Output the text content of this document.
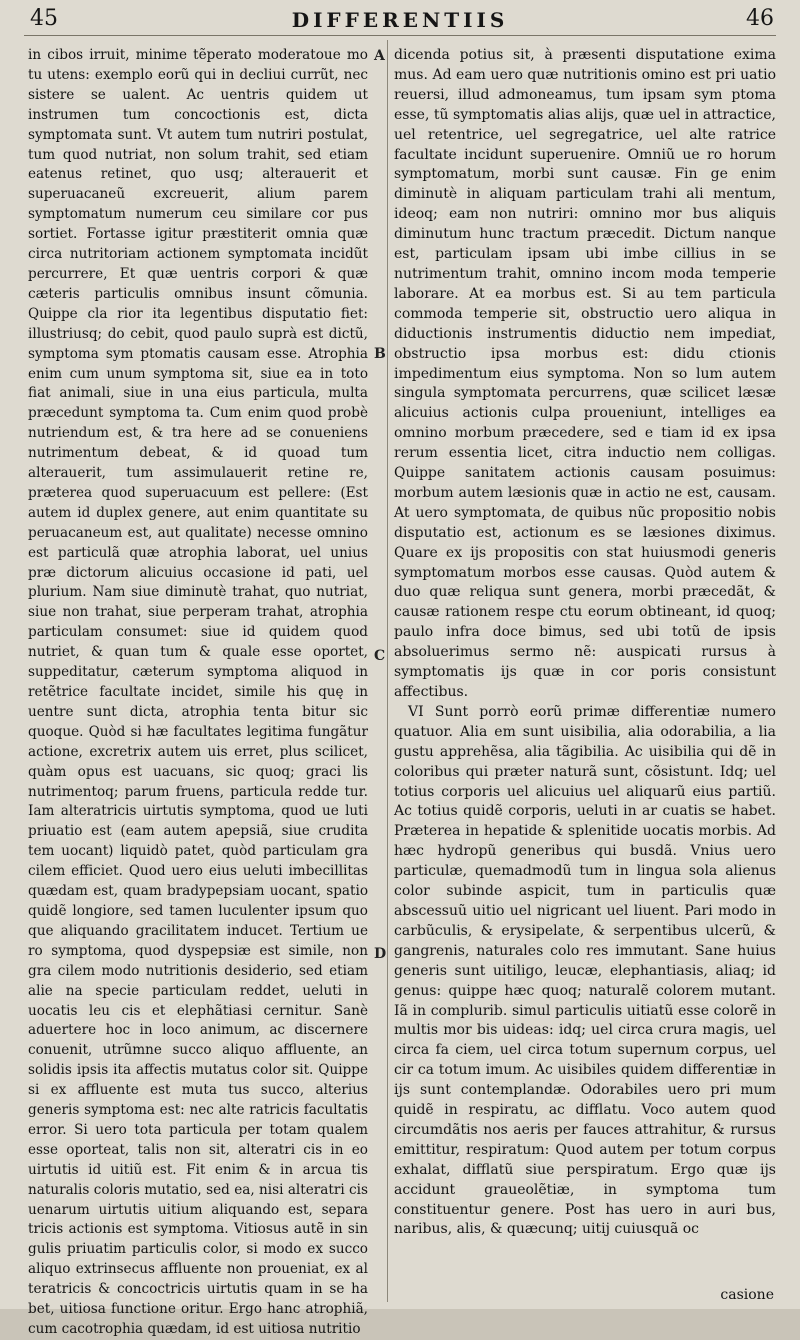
45	DIFFERENTIIS	46

in cibos irruit, minime tẽperato moderatoue mo tu utens: exemplo eorũ qui in decliui currũt, nec sistere se ualent. Ac uentris quidem ut instrumen tum concoctionis est, dicta symptomata sunt. Vt autem tum nutriri postulat, tum quod nutriat, non solum trahit, sed etiam eatenus retinet, quo usq; alterauerit et superuacaneũ excreuerit, alium parem symptomatum numerum ceu similare cor pus sortiet. Fortasse igitur præstiterit omnia quæ circa nutritoriam actionem symptomata incidũt percurrere, Et quæ uentris corpori & quæ cæteris particulis omnibus insunt cõmunia. Quippe cla rior ita legentibus disputatio fiet: illustriusq; do cebit, quod paulo suprà est dictũ, symptoma sym ptomatis causam esse. Atrophia enim cum unum symptoma sit, siue ea in toto fiat animali, siue in una eius particula, multa præcedunt symptoma ta. Cum enim quod probè nutriendum est, & tra here ad se conueniens nutrimentum debeat, & id quoad tum alterauerit, tum assimulauerit retine re, præterea quod superuacuum est pellere: (Est autem id duplex genere, aut enim quantitate su peruacaneum est, aut qualitate) necesse omnino est particulã quæ atrophia laborat, uel unius præ dictorum alicuius occasione id pati, uel plurium. Nam siue diminutè trahat, quo nutriat, siue non trahat, siue perperam trahat, atrophia particulam consumet: siue id quidem quod nutriet, & quan tum & quale esse oportet, suppeditatur, cæterum symptoma aliquod in retẽtrice facultate incidet, simile his quę in uentre sunt dicta, atrophia tenta bitur sic quoque. Quòd si hæ facultates legitima fungãtur actione, excretrix autem uis erret, plus scilicet, quàm opus est uacuans, sic quoq; graci lis nutrimentoq; parum fruens, particula redde tur. Iam alteratricis uirtutis symptoma, quod ue luti priuatio est (eam autem apepsiã, siue crudita tem uocant) liquidò patet, quòd particulam gra cilem efficiet. Quod uero eius ueluti imbecillitas quædam est, quam bradypepsiam uocant, spatio quidẽ longiore, sed tamen luculenter ipsum quo que aliquando gracilitatem inducet. Tertium ue ro symptoma, quod dyspepsiæ est simile, non gra cilem modo nutritionis desiderio, sed etiam alie na specie particulam reddet, ueluti in uocatis leu cis et elephãtiasi cernitur. Sanè aduertere hoc in loco animum, ac discernere conuenit, utrũmne succo aliquo affluente, an solidis ipsis ita affectis mutatus color sit. Quippe si ex affluente est muta tus succo, alterius generis symptoma est: nec alte ratricis facultatis error. Si uero tota particula per totam qualem esse oporteat, talis non sit, alteratri cis in eo uirtutis id uitiũ est. Fit enim & in arcua tis naturalis coloris mutatio, sed ea, nisi alteratri cis uenarum uirtutis uitium aliquando est, separa tricis actionis est symptoma. Vitiosus autẽ in sin gulis priuatim particulis color, si modo ex succo aliquo extrinsecus affluente non proueniat, ex al teratricis & concoctricis uirtutis quam in se ha bet, uitiosa functione oritur. Ergo hanc atrophiã, cum cacotrophia quædam, id est uitiosa nutritio

A
B
C
D

dicenda potius sit, à præsenti disputatione exima mus. Ad eam uero quæ nutritionis omino est pri uatio reuersi, illud admoneamus, tum ipsam sym ptoma esse, tũ symptomatis alias alijs, quæ uel in attractice, uel retentrice, uel segregatrice, uel alte ratrice facultate incidunt superuenire. Omniũ ue ro horum symptomatum, morbi sunt causæ. Fin ge enim diminutè in aliquam particulam trahi ali mentum, ideoq; eam non nutriri: omnino mor bus aliquis diminutum hunc tractum præcedit. Dictum nanque est, particulam ipsam ubi imbe cillius in se nutrimentum trahit, omnino incom moda temperie laborare. At ea morbus est. Si au tem particula commoda temperie sit, obstructio uero aliqua in diductionis instrumentis diductio nem impediat, obstructio ipsa morbus est: didu ctionis impedimentum eius symptoma. Non so lum autem singula symptomata percurrens, quæ scilicet læsæ alicuius actionis culpa proueniunt, intelliges ea omnino morbum præcedere, sed e tiam id ex ipsa rerum essentia licet, citra inductio nem colligas. Quippe sanitatem actionis causam posuimus: morbum autem læsionis quæ in actio ne est, causam. At uero symptomata, de quibus nũc propositio nobis disputatio est, actionum es se læsiones diximus. Quare ex ijs propositis con stat huiusmodi generis symptomatum morbos esse causas. Quòd autem & duo quæ reliqua sunt genera, morbi præcedãt, & causæ rationem respe ctu eorum obtineant, id quoq; paulo infra doce bimus, sed ubi totũ de ipsis absoluerimus sermo nẽ: auspicati rursus à symptomatis ijs quæ in cor poris consistunt affectibus.

VI Sunt porrò eorũ primæ differentiæ numero quatuor. Alia em sunt uisibilia, alia odorabilia, a lia gustu apprehẽsa, alia tãgibilia. Ac uisibilia qui dẽ in coloribus qui præter naturã sunt, cõsistunt. Idq; uel totius corporis uel alicuius uel aliquarũ eius partiũ. Ac totius quidẽ corporis, ueluti in ar cuatis se habet. Præterea in hepatide & splenitide uocatis morbis. Ad hæc hydropũ generibus qui busdã. Vnius uero particulæ, quemadmodũ tum in lingua sola alienus color subinde aspicit, tum in particulis quæ abscessuũ uitio uel nigricant uel liuent. Pari modo in carbũculis, & erysipelate, & serpentibus ulcerũ, & gangrenis, naturales colo res immutant. Sane huius generis sunt uitiligo, leucæ, elephantiasis, aliaq; id genus: quippe hæc quoq; naturalẽ colorem mutant. Iã in complurib. simul particulis uitiatũ esse colorẽ in multis mor bis uideas: idq; uel circa crura magis, uel circa fa ciem, uel circa totum supernum corpus, uel cir ca totum imum. Ac uisibiles quidem differentiæ in ijs sunt contemplandæ. Odorabiles uero pri mum quidẽ in respiratu, ac difflatu. Voco autem quod circumdãtis nos aeris per fauces attrahitur, & rursus emittitur, respiratum: Quod autem per totum corpus exhalat, difflatũ siue perspiratum. Ergo quæ ijs accidunt graueolẽtiæ, in symptoma tum constituentur genere. Post has uero in auri bus, naribus, alis, & quæcunq; uitij cuiusquã oc

casione
